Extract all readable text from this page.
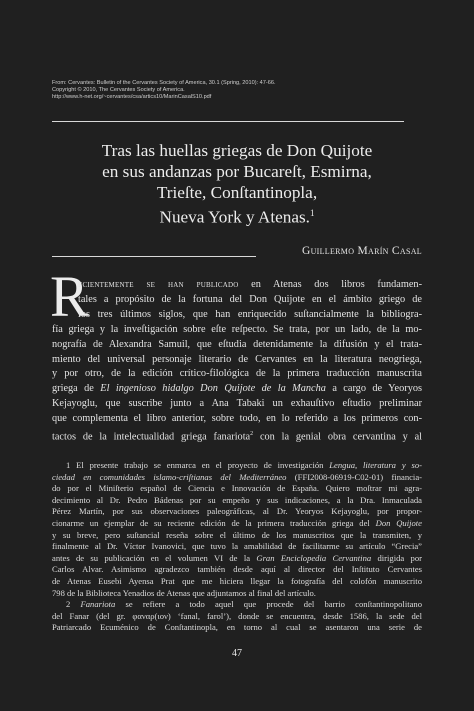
From: Cervantes: Bulletin of the Cervantes Society of America, 30.1 (Spring, 2010): 47-66.
Copyright © 2010, The Cervantes Society of America.
http://www.h-net.org/~cervantes/csa/artics10/MarinCasalS10.pdf
Tras las huellas griegas de Don Quijote
en sus andanzas por Bucareſt, Esmirna,
Trieſte, Conſtantinopla,
Nueva York y Atenas.$^1$
Guillermo Marín Casal
R
ecientemente se han publicado en Atenas dos libros fundamen-
tales a propósito de la fortuna del Don Quijote en el ámbito griego de
los tres últimos siglos, que han enriquecido suſtancialmente la bibliogra-
fía griega y la inveſtigación sobre eſte reſpecto. Se trata, por un lado, de la mo-
nografía de Alexandra Samuil, que eſtudia detenidamente la difusión y el trata-
miento del universal personaje literario de Cervantes en la literatura neogriega,
y por otro, de la edición crítico-filológica de la primera traducción manuscrita
griega de El ingenioso hidalgo Don Quijote de la Mancha a cargo de Yeoryos
Kejayoglu, que suscribe junto a Ana Tabaki un exhauſtivo eſtudio preliminar
que complementa el libro anterior, sobre todo, en lo referido a los primeros con-
tactos de la intelectualidad griega fanariota$^2$ con la genial obra cervantina y al
1 El presente trabajo se enmarca en el proyecto de investigación Lengua, literatura y so-
ciedad en comunidades islamo-criſtianas del Mediterráneo (FFI2008-06919-C02-01) financia-
do por el Miniſterio español de Ciencia e Innovación de España. Quiero moſtrar mi agra-
decimiento al Dr. Pedro Bádenas por su empeño y sus indicaciones, a la Dra. Inmaculada
Pérez Martín, por sus observaciones paleográficas, al Dr. Yeoryos Kejayoglu, por propor-
cionarme un ejemplar de su reciente edición de la primera traducción griega del Don Quijote
y su breve, pero suſtancial reseña sobre el último de los manuscritos que la transmiten, y
finalmente al Dr. Víctor Ivanovici, que tuvo la amabilidad de facilitarme su artículo “Grecia”
antes de su publicación en el volumen VI de la Gran Enciclopedia Cervantina dirigida por
Carlos Alvar. Asimismo agradezco también desde aquí al director del Inſtituto Cervantes
de Atenas Eusebi Ayensa Prat que me hiciera llegar la fotografía del colofón manuscrito
798 de la Biblioteca Yenadios de Atenas que adjuntamos al final del artículo.
2 Fanariota se refiere a todo aquel que procede del barrio conſtantinopolitano
del Fanar (del gr. φαναρ(ιον) ‘fanal, farol’), donde se encuentra, desde 1586, la sede del
Patriarcado Ecuménico de Conſtantinopla, en torno al cual se asentaron una serie de
47
